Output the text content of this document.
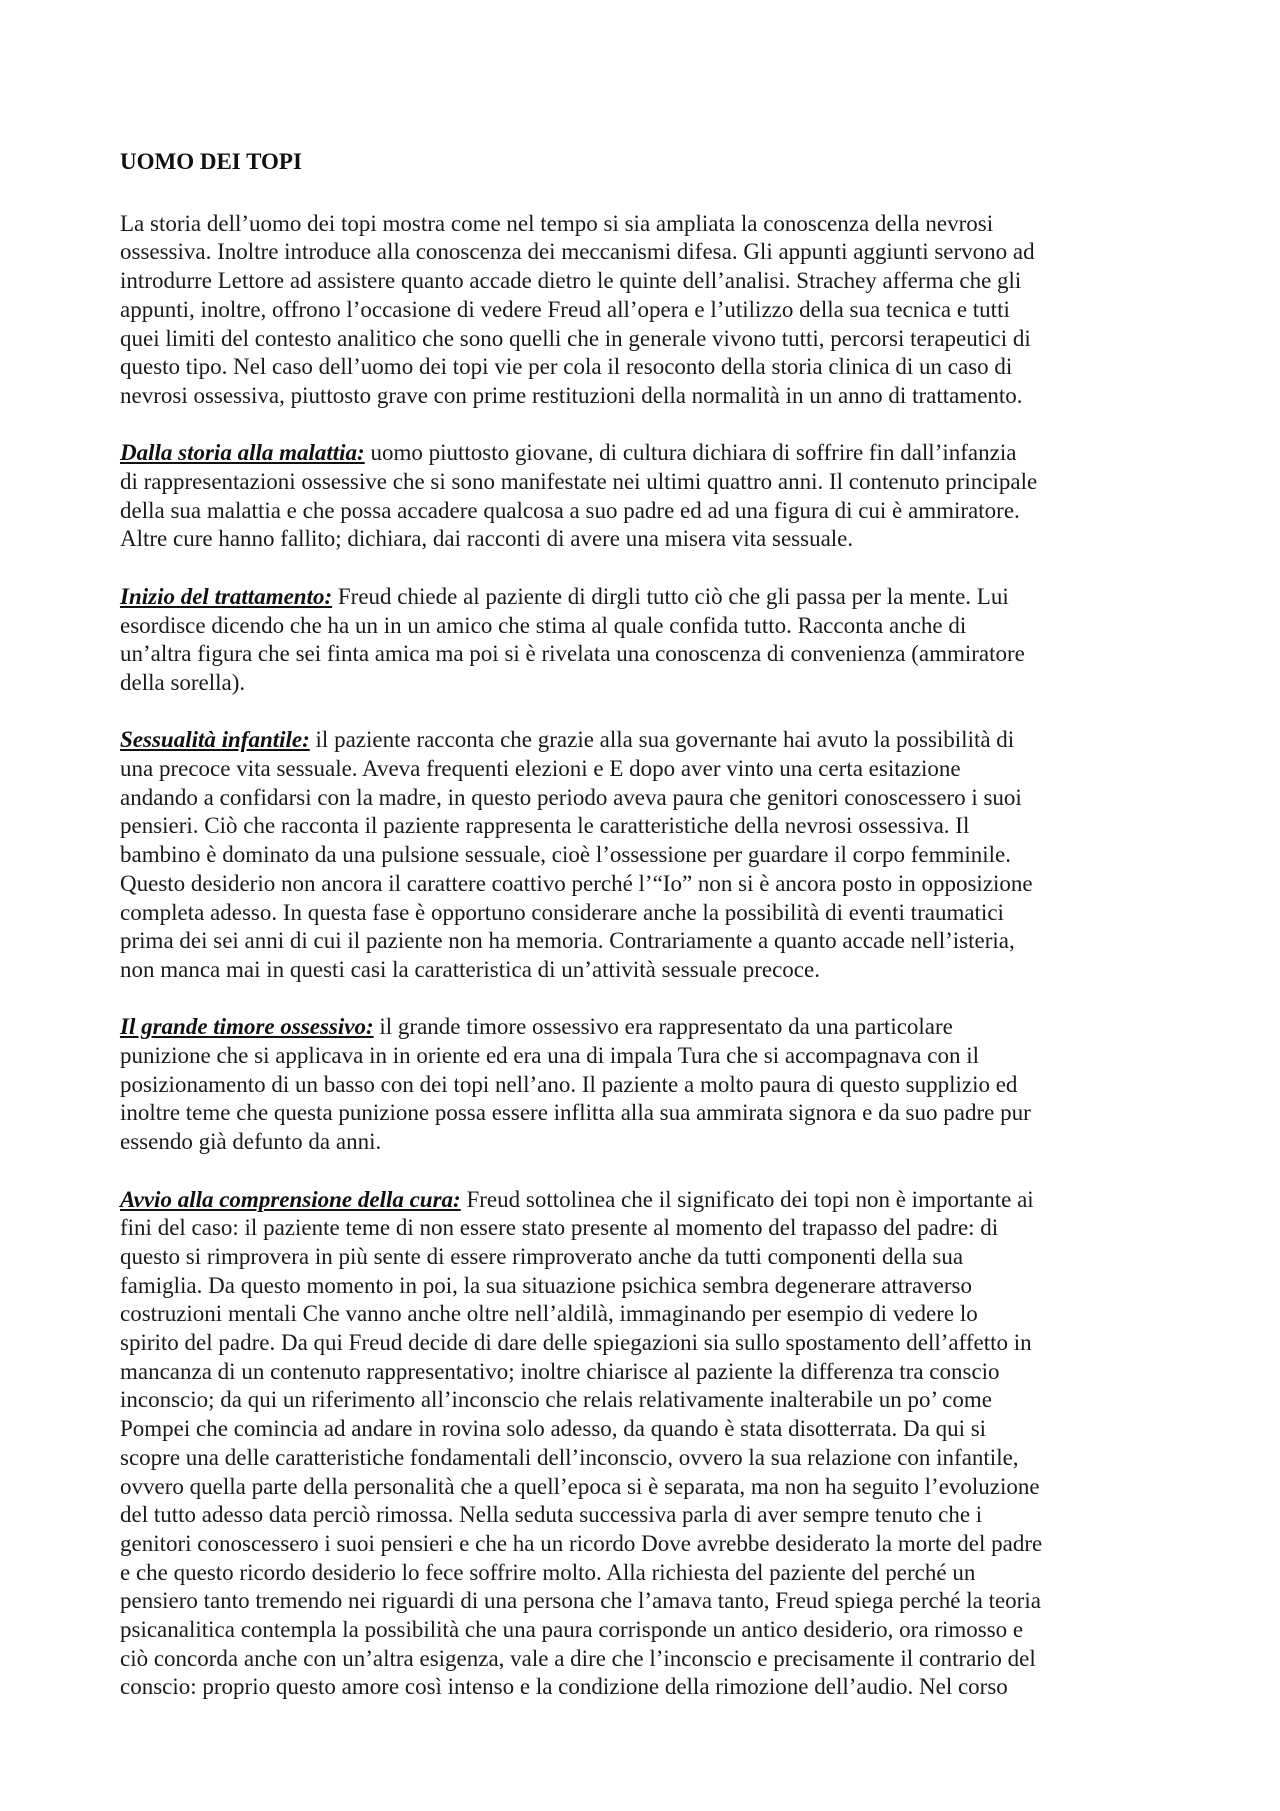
UOMO DEI TOPI

La storia dell’uomo dei topi mostra come nel tempo si sia ampliata la conoscenza della nevrosi
ossessiva. Inoltre introduce alla conoscenza dei meccanismi difesa. Gli appunti aggiunti servono ad
introdurre Lettore ad assistere quanto accade dietro le quinte dell’analisi. Strachey afferma che gli
appunti, inoltre, offrono l’occasione di vedere Freud all’opera e l’utilizzo della sua tecnica e tutti
quei limiti del contesto analitico che sono quelli che in generale vivono tutti, percorsi terapeutici di
questo tipo. Nel caso dell’uomo dei topi vie per cola il resoconto della storia clinica di un caso di
nevrosi ossessiva, piuttosto grave con prime restituzioni della normalità in un anno di trattamento.

Dalla storia alla malattia: uomo piuttosto giovane, di cultura dichiara di soffrire fin dall’infanzia
di rappresentazioni ossessive che si sono manifestate nei ultimi quattro anni. Il contenuto principale
della sua malattia e che possa accadere qualcosa a suo padre ed ad una figura di cui è ammiratore.
Altre cure hanno fallito; dichiara, dai racconti di avere una misera vita sessuale.

Inizio del trattamento: Freud chiede al paziente di dirgli tutto ciò che gli passa per la mente. Lui
esordisce dicendo che ha un in un amico che stima al quale confida tutto. Racconta anche di
un’altra figura che sei finta amica ma poi si è rivelata una conoscenza di convenienza (ammiratore
della sorella).

Sessualità infantile: il paziente racconta che grazie alla sua governante hai avuto la possibilità di
una precoce vita sessuale. Aveva frequenti elezioni e E dopo aver vinto una certa esitazione
andando a confidarsi con la madre, in questo periodo aveva paura che genitori conoscessero i suoi
pensieri. Ciò che racconta il paziente rappresenta le caratteristiche della nevrosi ossessiva. Il
bambino è dominato da una pulsione sessuale, cioè l’ossessione per guardare il corpo femminile.
Questo desiderio non ancora il carattere coattivo perché l’“Io” non si è ancora posto in opposizione
completa adesso. In questa fase è opportuno considerare anche la possibilità di eventi traumatici
prima dei sei anni di cui il paziente non ha memoria. Contrariamente a quanto accade nell’isteria,
non manca mai in questi casi la caratteristica di un’attività sessuale precoce.

Il grande timore ossessivo: il grande timore ossessivo era rappresentato da una particolare
punizione che si applicava in in oriente ed era una di impala Tura che si accompagnava con il
posizionamento di un basso con dei topi nell’ano. Il paziente a molto paura di questo supplizio ed
inoltre teme che questa punizione possa essere inflitta alla sua ammirata signora e da suo padre pur
essendo già defunto da anni.

Avvio alla comprensione della cura: Freud sottolinea che il significato dei topi non è importante ai
fini del caso: il paziente teme di non essere stato presente al momento del trapasso del padre: di
questo si rimprovera in più sente di essere rimproverato anche da tutti componenti della sua
famiglia. Da questo momento in poi, la sua situazione psichica sembra degenerare attraverso
costruzioni mentali Che vanno anche oltre nell’aldilà, immaginando per esempio di vedere lo
spirito del padre. Da qui Freud decide di dare delle spiegazioni sia sullo spostamento dell’affetto in
mancanza di un contenuto rappresentativo; inoltre chiarisce al paziente la differenza tra conscio
inconscio; da qui un riferimento all’inconscio che relais relativamente inalterabile un po’ come
Pompei che comincia ad andare in rovina solo adesso, da quando è stata disotterrata. Da qui si
scopre una delle caratteristiche fondamentali dell’inconscio, ovvero la sua relazione con infantile,
ovvero quella parte della personalità che a quell’epoca si è separata, ma non ha seguito l’evoluzione
del tutto adesso data perciò rimossa. Nella seduta successiva parla di aver sempre tenuto che i
genitori conoscessero i suoi pensieri e che ha un ricordo Dove avrebbe desiderato la morte del padre
e che questo ricordo desiderio lo fece soffrire molto. Alla richiesta del paziente del perché un
pensiero tanto tremendo nei riguardi di una persona che l’amava tanto, Freud spiega perché la teoria
psicanalitica contempla la possibilità che una paura corrisponde un antico desiderio, ora rimosso e
ciò concorda anche con un’altra esigenza, vale a dire che l’inconscio e precisamente il contrario del
conscio: proprio questo amore così intenso e la condizione della rimozione dell’audio. Nel corso
